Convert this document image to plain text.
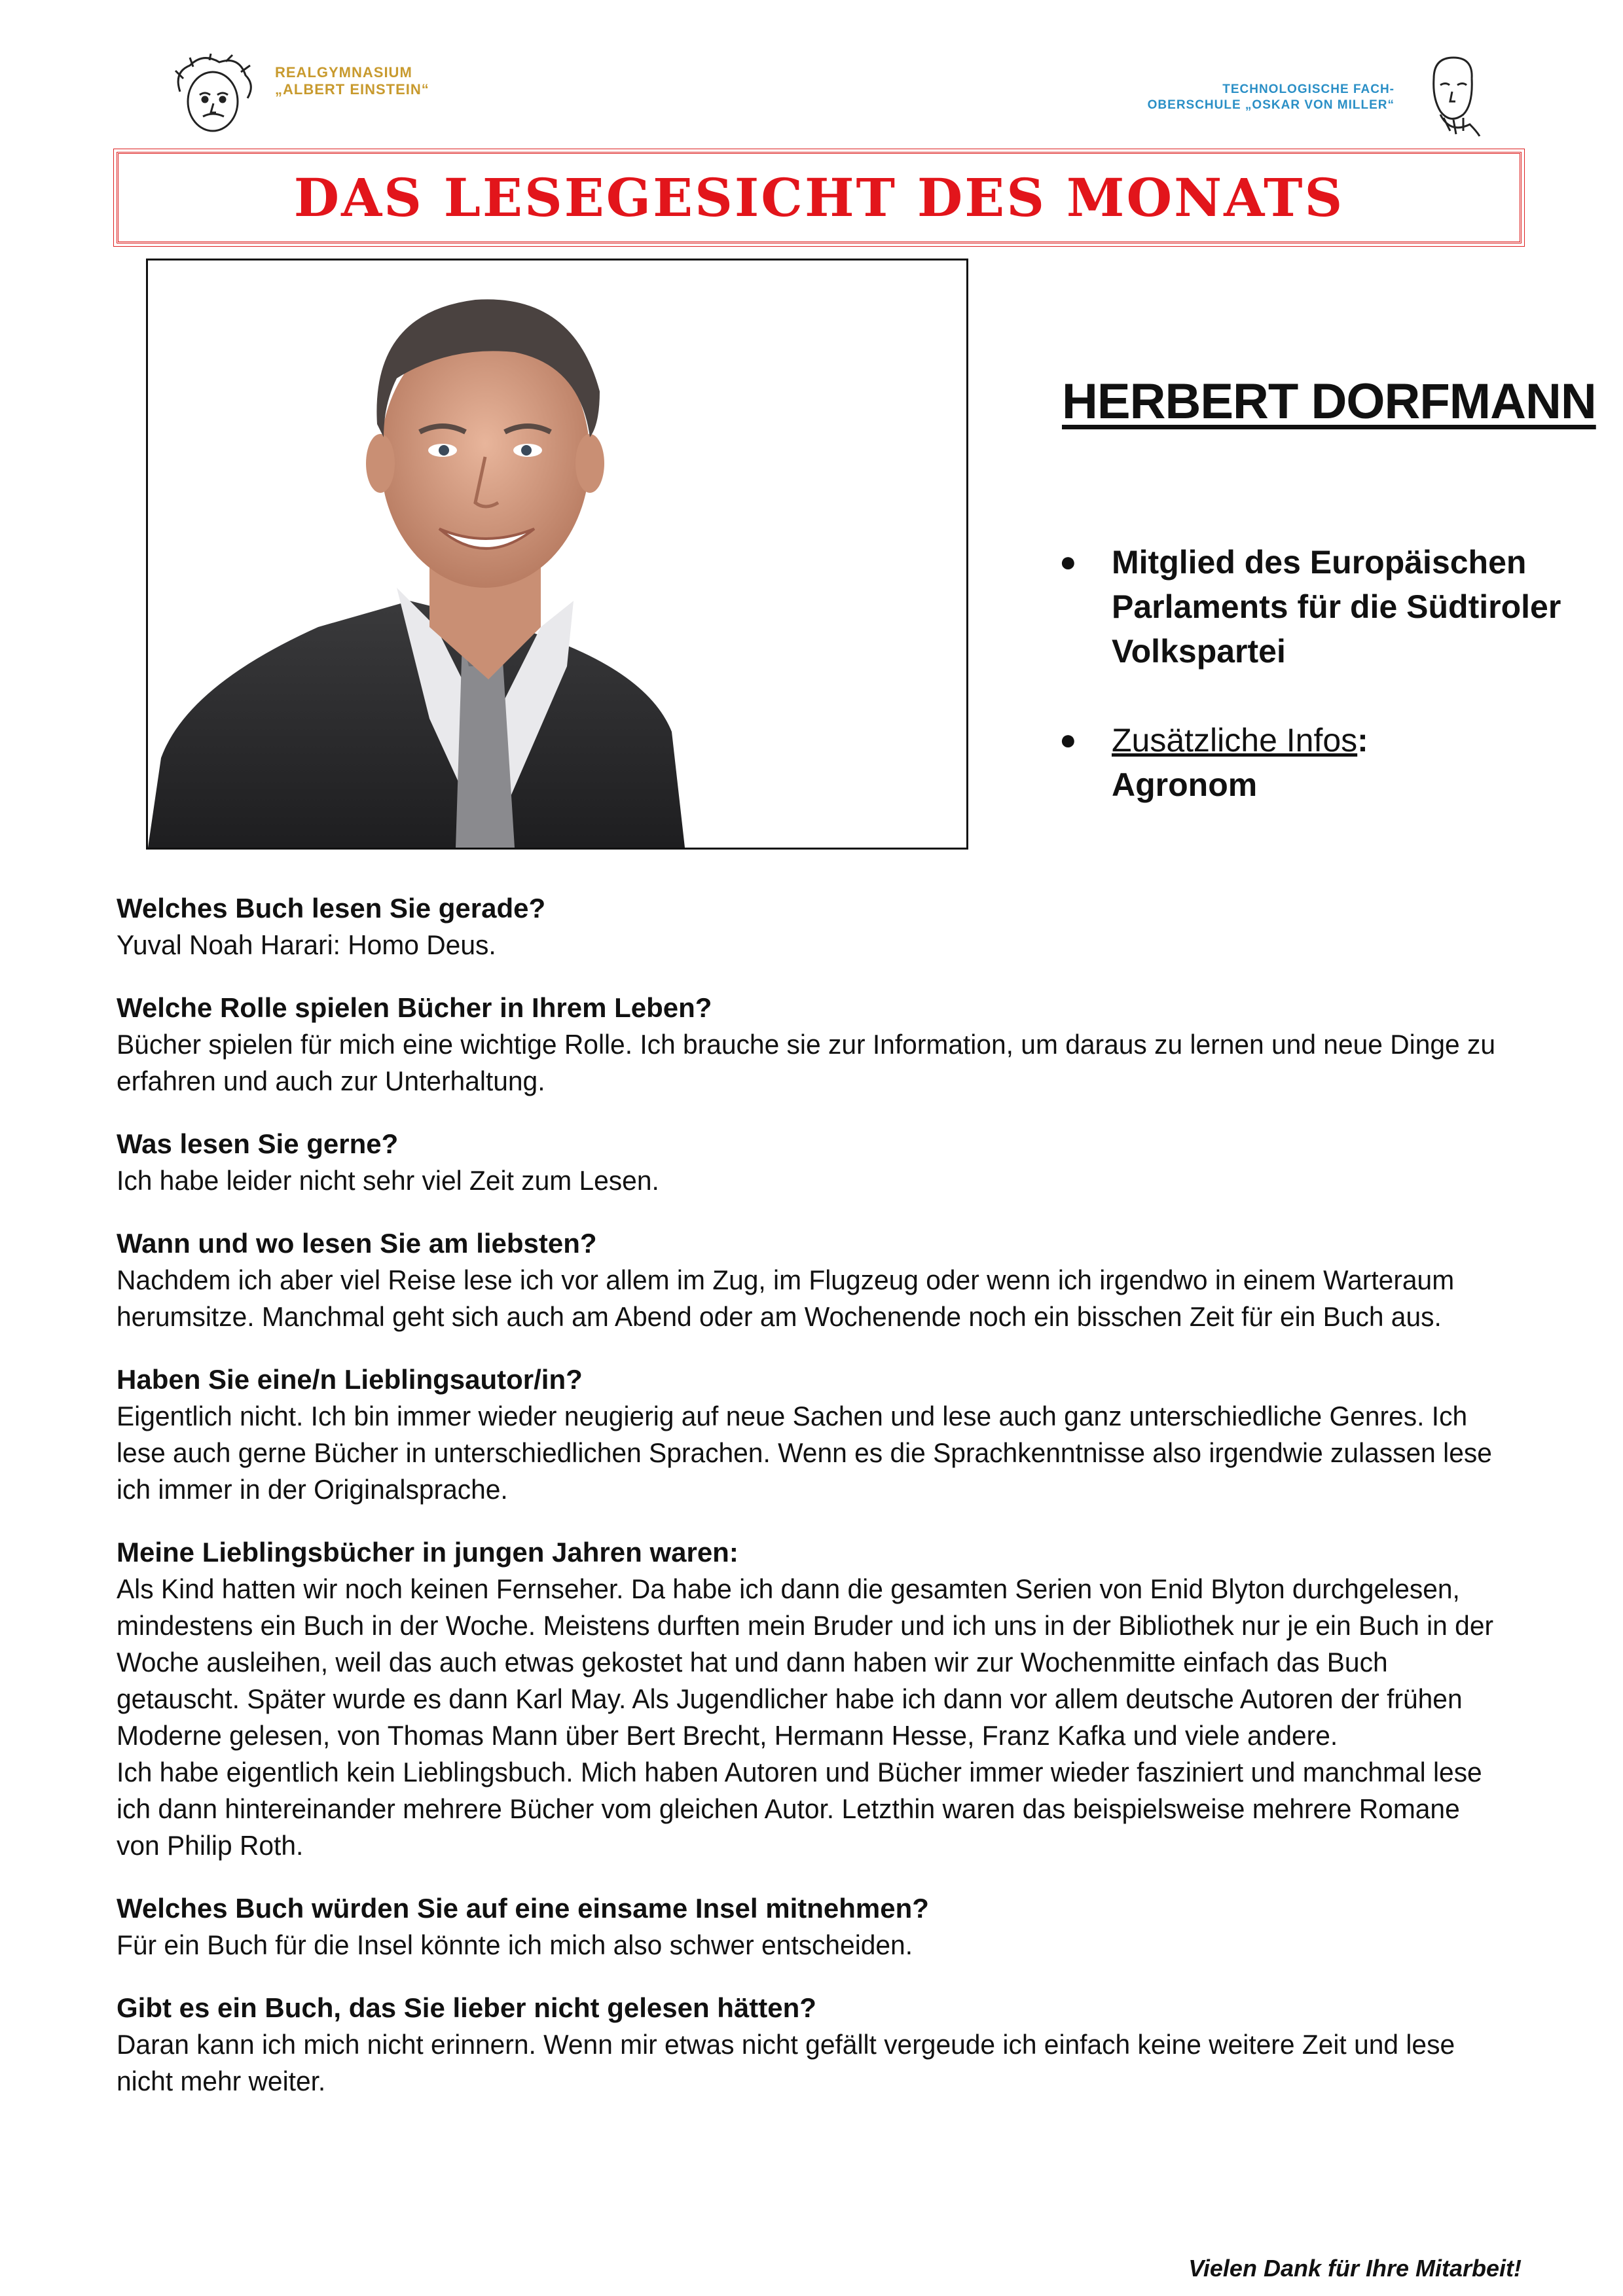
REALGYMNASIUM
„ALBERT EINSTEIN“	TECHNOLOGISCHE FACH-
OBERSCHULE „OSKAR VON MILLER“
DAS LESEGESICHT DES MONATS
HERBERT DORFMANN
●	Mitglied des Europäischen Parlaments für die Südtiroler Volkspartei
●	Zusätzliche Infos:
Agronom
Welches Buch lesen Sie gerade?
Yuval Noah Harari: Homo Deus.
Welche Rolle spielen Bücher in Ihrem Leben?
Bücher spielen für mich eine wichtige Rolle. Ich brauche sie zur Information, um daraus zu lernen und neue Dinge zu erfahren und auch zur Unterhaltung.
Was lesen Sie gerne?
Ich habe leider nicht sehr viel Zeit zum Lesen.
Wann und wo lesen Sie am liebsten?
Nachdem ich aber viel Reise lese ich vor allem im Zug, im Flugzeug oder wenn ich irgendwo in einem Warteraum herumsitze. Manchmal geht sich auch am Abend oder am Wochenende noch ein bisschen Zeit für ein Buch aus.
Haben Sie eine/n Lieblingsautor/in?
Eigentlich nicht. Ich bin immer wieder neugierig auf neue Sachen und lese auch ganz unterschiedliche Genres. Ich lese auch gerne Bücher in unterschiedlichen Sprachen. Wenn es die Sprachkenntnisse also irgendwie zulassen lese ich immer in der Originalsprache.
Meine Lieblingsbücher in jungen Jahren waren:
Als Kind hatten wir noch keinen Fernseher. Da habe ich dann die gesamten Serien von Enid Blyton durchgelesen, mindestens ein Buch in der Woche. Meistens durften mein Bruder und ich uns in der Bibliothek nur je ein Buch in der Woche ausleihen, weil das auch etwas gekostet hat und dann haben wir zur Wochenmitte einfach das Buch getauscht. Später wurde es dann Karl May. Als Jugendlicher habe ich dann vor allem deutsche Autoren der frühen Moderne gelesen, von Thomas Mann über Bert Brecht, Hermann Hesse, Franz Kafka und viele andere.
Ich habe eigentlich kein Lieblingsbuch. Mich haben Autoren und Bücher immer wieder fasziniert und manchmal lese ich dann hintereinander mehrere Bücher vom gleichen Autor. Letzthin waren das beispielsweise mehrere Romane von Philip Roth.
Welches Buch würden Sie auf eine einsame Insel mitnehmen?
Für ein Buch für die Insel könnte ich mich also schwer entscheiden.
Gibt es ein Buch, das Sie lieber nicht gelesen hätten?
Daran kann ich mich nicht erinnern. Wenn mir etwas nicht gefällt vergeude ich einfach keine weitere Zeit und lese nicht mehr weiter.
Vielen Dank für Ihre Mitarbeit!
